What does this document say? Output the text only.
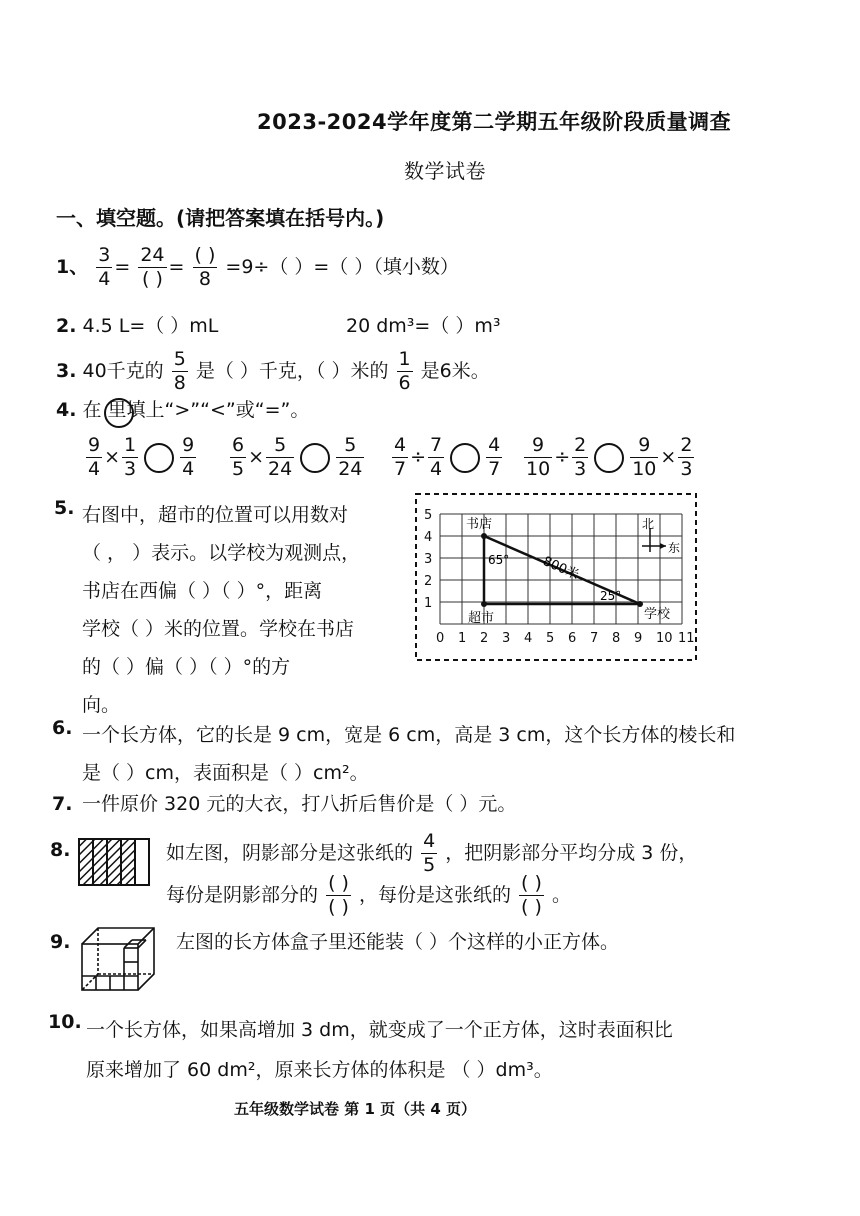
2023-2024学年度第二学期五年级阶段质量调查
数学试卷
一、填空题。(请把答案填在括号内。)
1、 $\frac{3}{4} = \frac{24}{( )} = \frac{( )}{8} =9\div$（ ）=（ ）（填小数）
2. 4.5 L=（ ）mL	20 dm³=（ ）m³
3. 40千克的 $\frac{5}{8}$ 是（ ）千克，（ ）米的 $\frac{1}{6}$ 是6米。
4. 在 里填上“>”“<”或“=”。
$\frac{9}{4} \times \frac{1}{3} \frac{9}{4} \frac{6}{5} \times \frac{5}{24} \frac{5}{24} \frac{4}{7} \div \frac{7}{4} \frac{4}{7} \frac{9}{10} \div \frac{2}{3} \frac{9}{10} \times \frac{2}{3}$
5. 右图中，超市的位置可以用数对
（ ， ）表示。以学校为观测点，
书店在西偏（ ）（ ）°，距离
学校（ ）米的位置。学校在书店
的（ ）偏（ ）（ ）°的方
向。
0 1 2 3 4 5 6 7 8 9 10 11
1
2
3
4
5
书店
超市	学校
800米
65°
25°
北
东
6. 一个长方体，它的长是 9 cm，宽是 6 cm，高是 3 cm，这个长方体的棱长和
是（ ）cm，表面积是（ ）cm²。
7. 一件原价 320 元的大衣，打八折后售价是（ ）元。
8.	如左图，阴影部分是这张纸的 $\frac{4}{5}$ ，把阴影部分平均分成 3 份，
每份是阴影部分的 $\frac{( )}{( )}$ ，每份是这张纸的 $\frac{( )}{( )}$ 。
9.	左图的长方体盒子里还能装（ ）个这样的小正方体。
10. 一个长方体，如果高增加 3 dm，就变成了一个正方体，这时表面积比
原来增加了 60 dm²，原来长方体的体积是 （ ）dm³。
五年级数学试卷 第 1 页（共 4 页）
